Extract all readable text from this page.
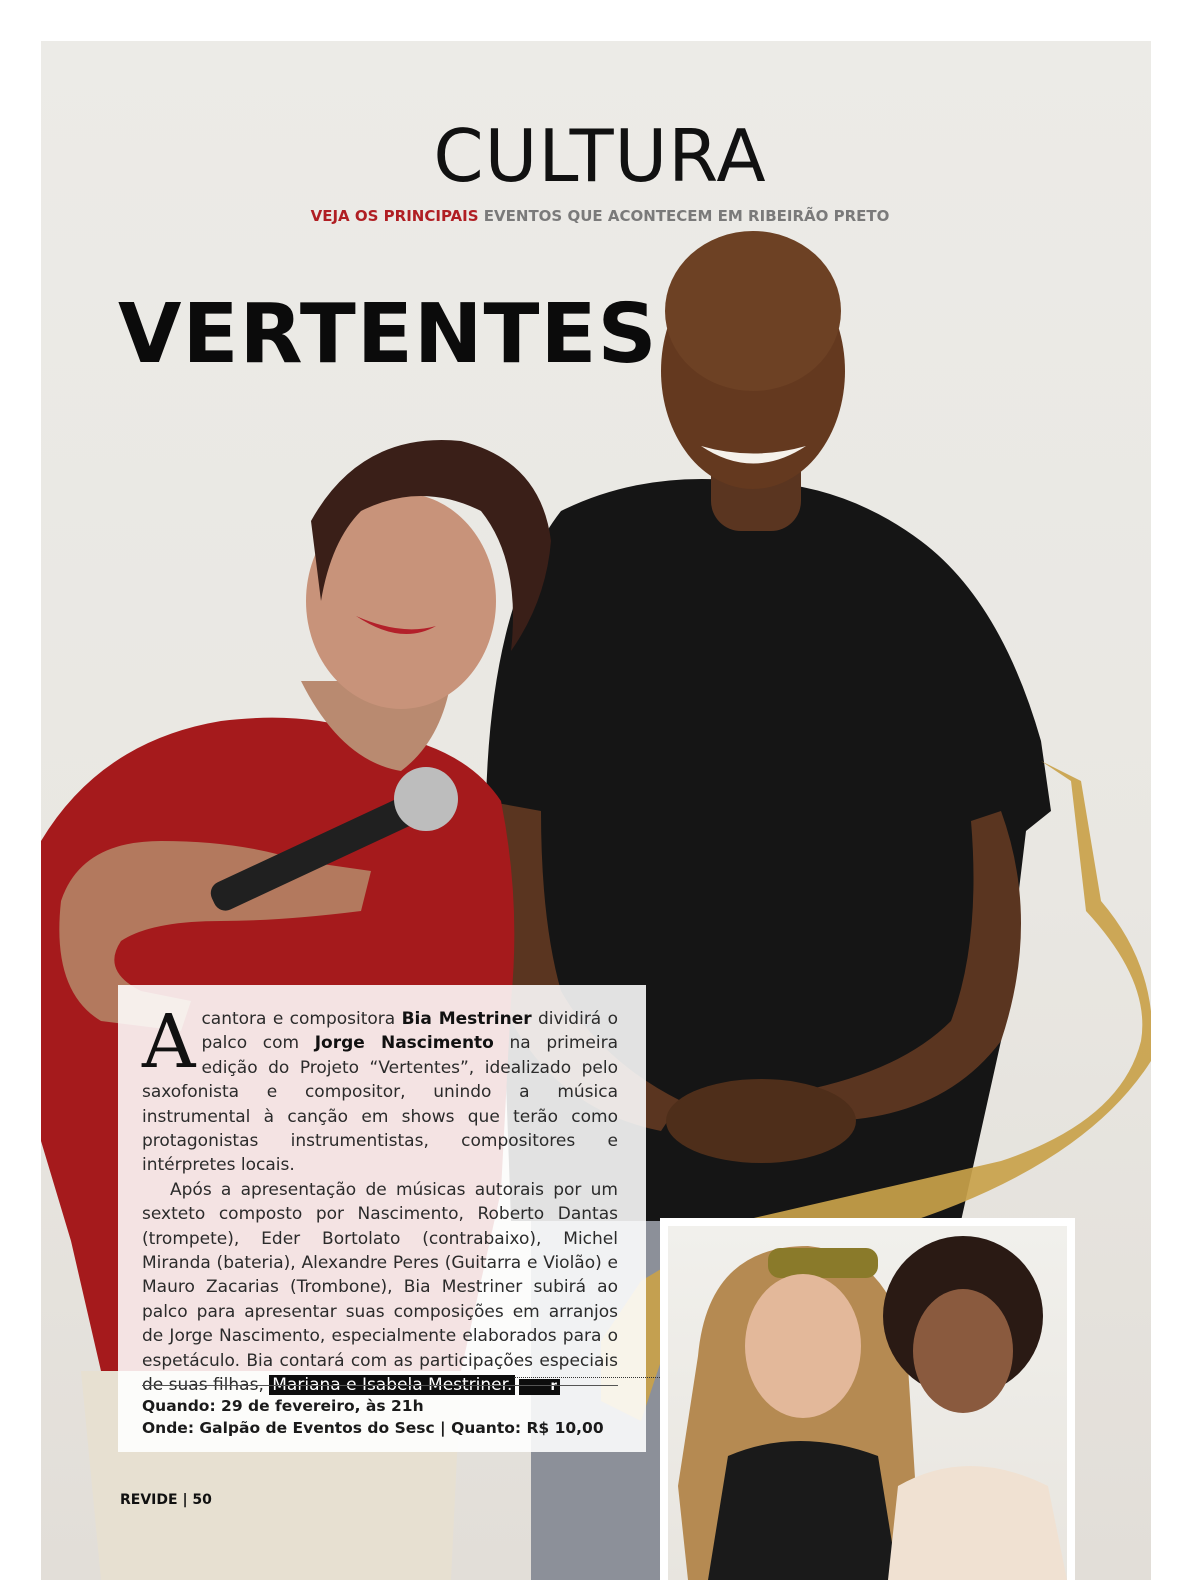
CULTURA
VEJA OS PRINCIPAIS EVENTOS QUE ACONTECEM EM RIBEIRÃO PRETO
VERTENTES

Acantora e compositora Bia Mestriner dividirá o palco com Jorge Nascimento na primeira edição do Projeto “Vertentes”, idealizado pelo saxofonista e compositor, unindo a música instrumental à canção em shows que terão como protagonistas instrumentistas, compositores e intérpretes locais.

Após a apresentação de músicas autorais por um sexteto composto por Nascimento, Roberto Dantas (trompete), Eder Bortolato (contrabaixo), Michel Miranda (bateria), Alexandre Peres (Guitarra e Violão) e Mauro Zacarias (Trombone), Bia Mestriner subirá ao palco para apresentar suas composições em arranjos de Jorge Nascimento, especialmente elaborados para o espetáculo. Bia contará com as participações especiais de suas filhas, Mariana e Isabela Mestriner.	r

Quando: 29 de fevereiro, às 21h
Onde: Galpão de Eventos do Sesc | Quanto: R$ 10,00
REVIDE | 50
